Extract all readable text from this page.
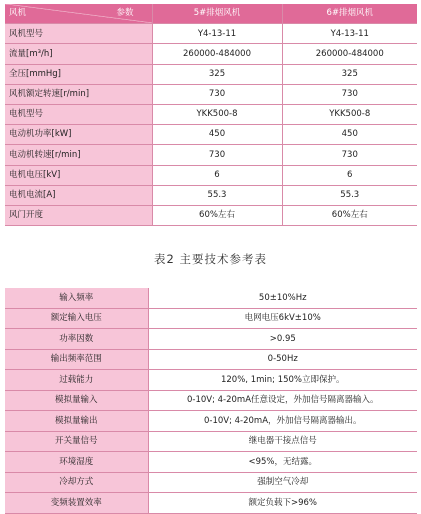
风机 参数	5#排烟风机	6#排烟风机
风机型号	Y4-13-11	Y4-13-11
流量[m³/h]	260000-484000	260000-484000
全压[mmHg]	325	325
风机额定转速[r/min]	730	730
电机型号	YKK500-8	YKK500-8
电动机功率[kW]	450	450
电动机转速[r/min]	730	730
电机电压[kV]	6	6
电机电流[A]	55.3	55.3
风门开度	60%左右	60%左右
表2 主要技术参考表
输入频率	50±10%Hz
额定输入电压	电网电压6kV±10%
功率因数	>0.95
输出频率范围	0-50Hz
过载能力	120%, 1min; 150%立即保护。
模拟量输入	0-10V; 4-20mA任意设定，外加信号隔离器输入。
模拟量输出	0-10V; 4-20mA，外加信号隔离器输出。
开关量信号	继电器干接点信号
环境湿度	<95%，无结露。
冷却方式	强制空气冷却
变频装置效率	额定负载下>96%
